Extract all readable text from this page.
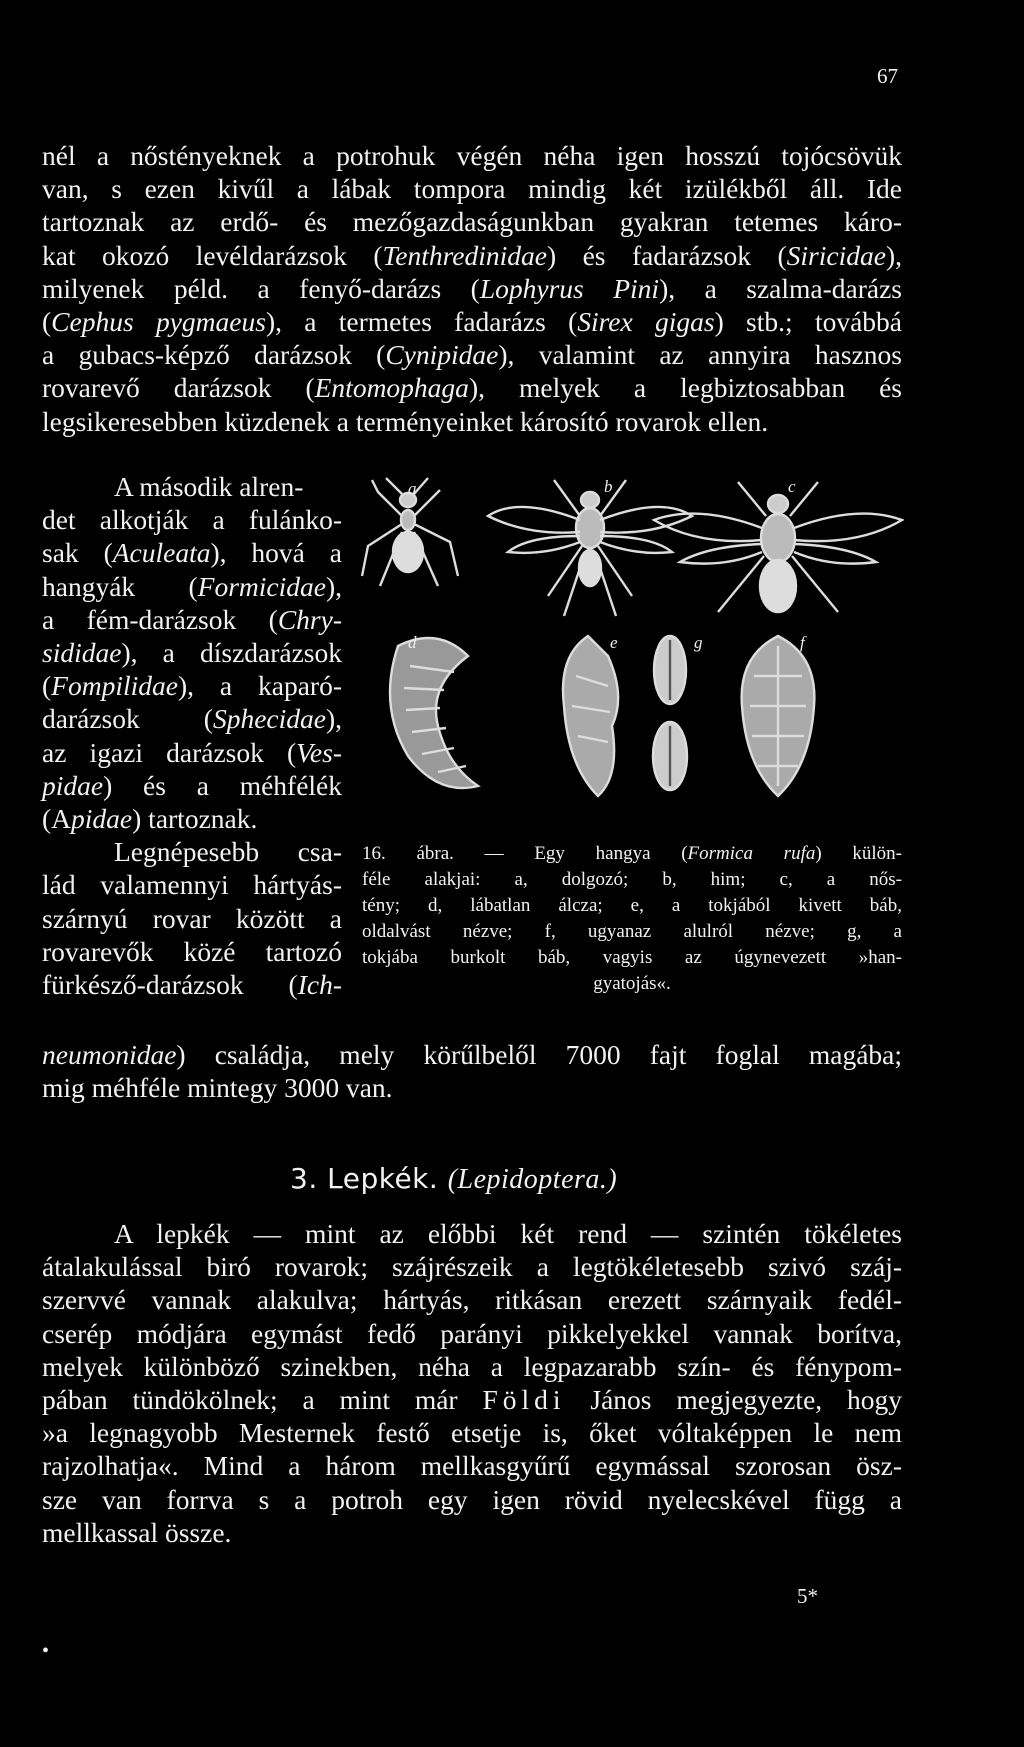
67
nél a nőstényeknek a potrohuk végén néha igen hosszú tojócsövük
van, s ezen kivűl a lábak tompora mindig két izülékből áll. Ide
tartoznak az erdő- és mezőgazdaságunkban gyakran tetemes káro-
kat okozó levéldarázsok (Tenthredinidae) és fadarázsok (Siricidae),
milyenek péld. a fenyő-darázs (Lophyrus Pini), a szalma-darázs
(Cephus pygmaeus), a termetes fadarázs (Sirex gigas) stb.; továbbá
a gubacs-képző darázsok (Cynipidae), valamint az annyira hasznos
rovarevő darázsok (Entomophaga), melyek a legbiztosabban és
legsikeresebben küzdenek a terményeinket károsító rovarok ellen.
A második alren-
det alkotják a fulánko-
sak (Aculeata), hová a
hangyák (Formicidae),
a fém-darázsok (Chry-
sididae), a díszdarázsok
(Fompilidae), a kaparó-
darázsok (Sphecidae),
az igazi darázsok (Ves-
pidae) és a méhfélék
(Apidae) tartoznak.
Legnépesebb csa-
lád valamennyi hártyás-
szárnyú rovar között a
rovarevők közé tartozó
fürkésző-darázsok (Ich-
a	b	c
d	e	g	f
16. ábra. — Egy hangya (Formica rufa) külön-
féle alakjai: a, dolgozó; b, him; c, a nős-
tény; d, lábatlan álcza; e, a tokjából kivett báb,
oldalvást nézve; f, ugyanaz alulról nézve; g, a
tokjába burkolt báb, vagyis az úgynevezett »han-
gyatojás«.
neumonidae) családja, mely körűlbelől 7000 fajt foglal magába;
mig méhféle mintegy 3000 van.
3. Lepkék. (Lepidoptera.)
A lepkék — mint az előbbi két rend — szintén tökéletes
átalakulással biró rovarok; szájrészeik a legtökéletesebb szivó száj-
szervvé vannak alakulva; hártyás, ritkásan erezett szárnyaik fedél-
cserép módjára egymást fedő parányi pikkelyekkel vannak borítva,
melyek különböző szinekben, néha a legpazarabb szín- és fénypom-
pában tündökölnek; a mint már Földi János megjegyezte, hogy
»a legnagyobb Mesternek festő etsetje is, őket vóltaképpen le nem
rajzolhatja«. Mind a három mellkasgyűrű egymással szorosan ösz-
sze van forrva s a potroh egy igen rövid nyelecskével függ a
mellkassal össze.
5*
•
